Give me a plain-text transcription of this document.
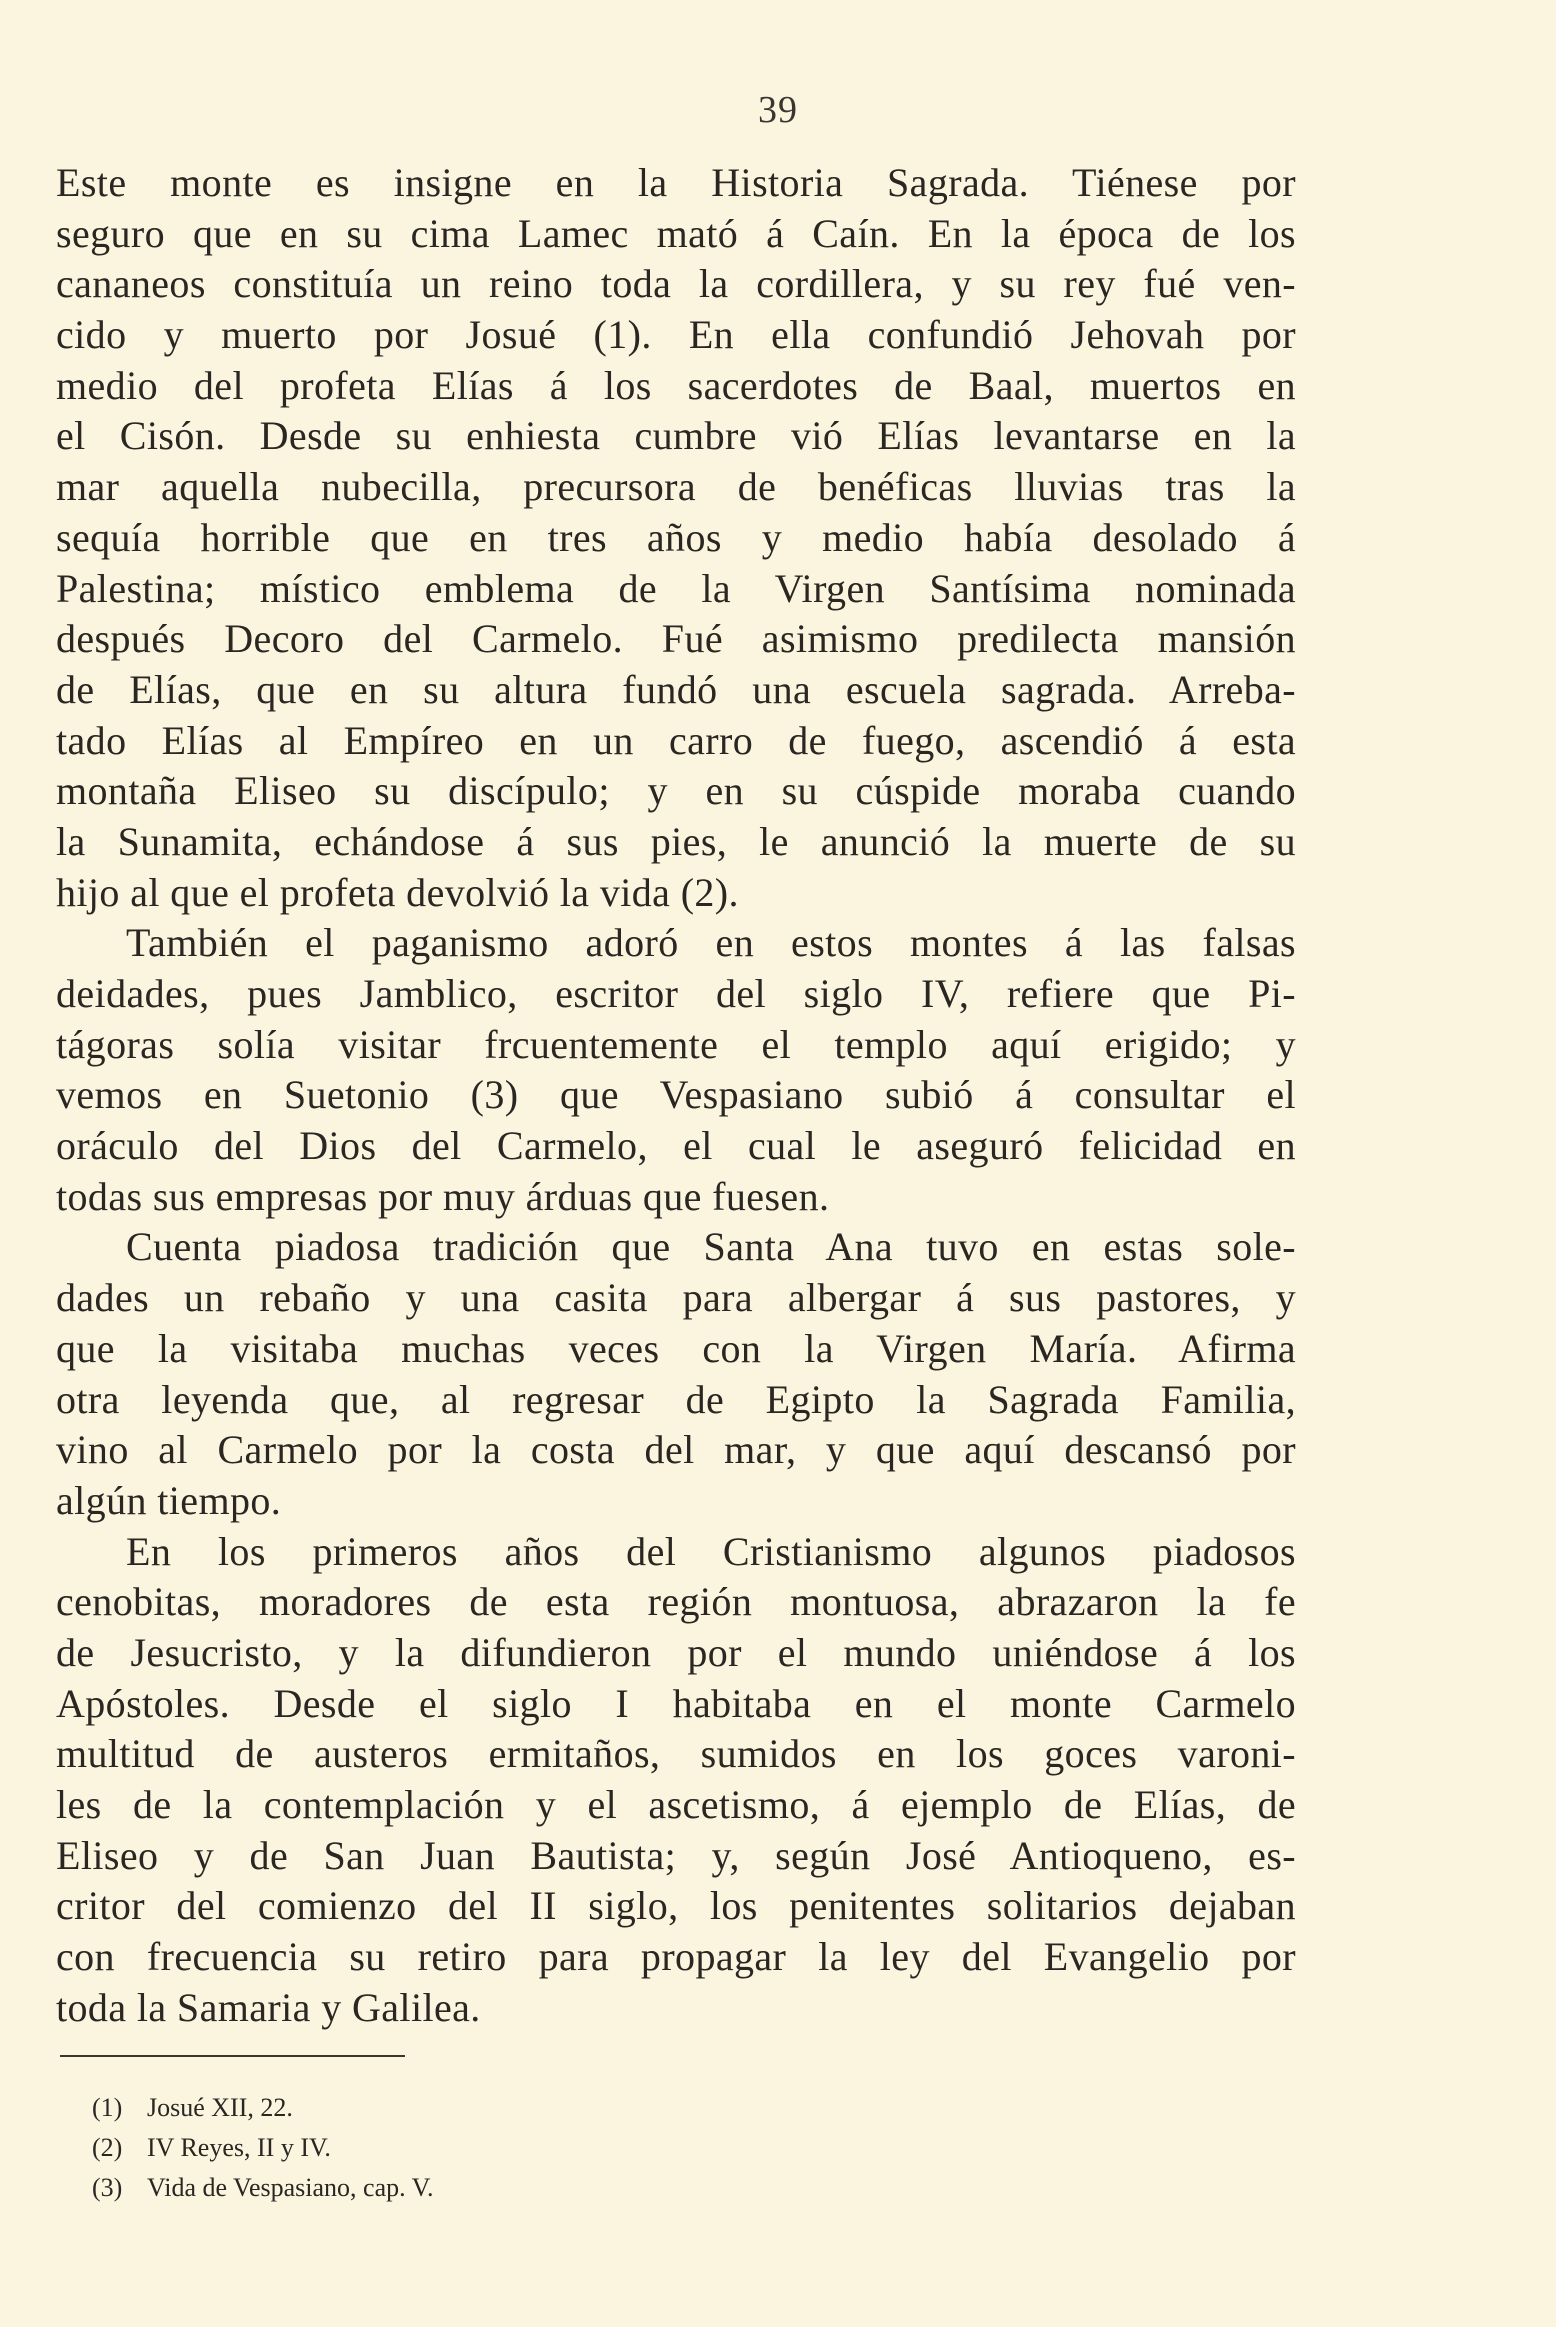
39
Este monte es insigne en la Historia Sagrada. Tiénese por
seguro que en su cima Lamec mató á Caín. En la época de los
cananeos constituía un reino toda la cordillera, y su rey fué ven-
cido y muerto por Josué (1). En ella confundió Jehovah por
medio del profeta Elías á los sacerdotes de Baal, muertos en
el Cisón. Desde su enhiesta cumbre vió Elías levantarse en la
mar aquella nubecilla, precursora de benéficas lluvias tras la
sequía horrible que en tres años y medio había desolado á
Palestina; místico emblema de la Virgen Santísima nominada
después Decoro del Carmelo. Fué asimismo predilecta mansión
de Elías, que en su altura fundó una escuela sagrada. Arreba-
tado Elías al Empíreo en un carro de fuego, ascendió á esta
montaña Eliseo su discípulo; y en su cúspide moraba cuando
la Sunamita, echándose á sus pies, le anunció la muerte de su
hijo al que el profeta devolvió la vida (2).
También el paganismo adoró en estos montes á las falsas
deidades, pues Jamblico, escritor del siglo IV, refiere que Pi-
tágoras solía visitar frcuentemente el templo aquí erigido; y
vemos en Suetonio (3) que Vespasiano subió á consultar el
oráculo del Dios del Carmelo, el cual le aseguró felicidad en
todas sus empresas por muy árduas que fuesen.
Cuenta piadosa tradición que Santa Ana tuvo en estas sole-
dades un rebaño y una casita para albergar á sus pastores, y
que la visitaba muchas veces con la Virgen María. Afirma
otra leyenda que, al regresar de Egipto la Sagrada Familia,
vino al Carmelo por la costa del mar, y que aquí descansó por
algún tiempo.
En los primeros años del Cristianismo algunos piadosos
cenobitas, moradores de esta región montuosa, abrazaron la fe
de Jesucristo, y la difundieron por el mundo uniéndose á los
Apóstoles. Desde el siglo I habitaba en el monte Carmelo
multitud de austeros ermitaños, sumidos en los goces varoni-
les de la contemplación y el ascetismo, á ejemplo de Elías, de
Eliseo y de San Juan Bautista; y, según José Antioqueno, es-
critor del comienzo del II siglo, los penitentes solitarios dejaban
con frecuencia su retiro para propagar la ley del Evangelio por
toda la Samaria y Galilea.
(1) Josué XII, 22.
(2) IV Reyes, II y IV.
(3) Vida de Vespasiano, cap. V.
